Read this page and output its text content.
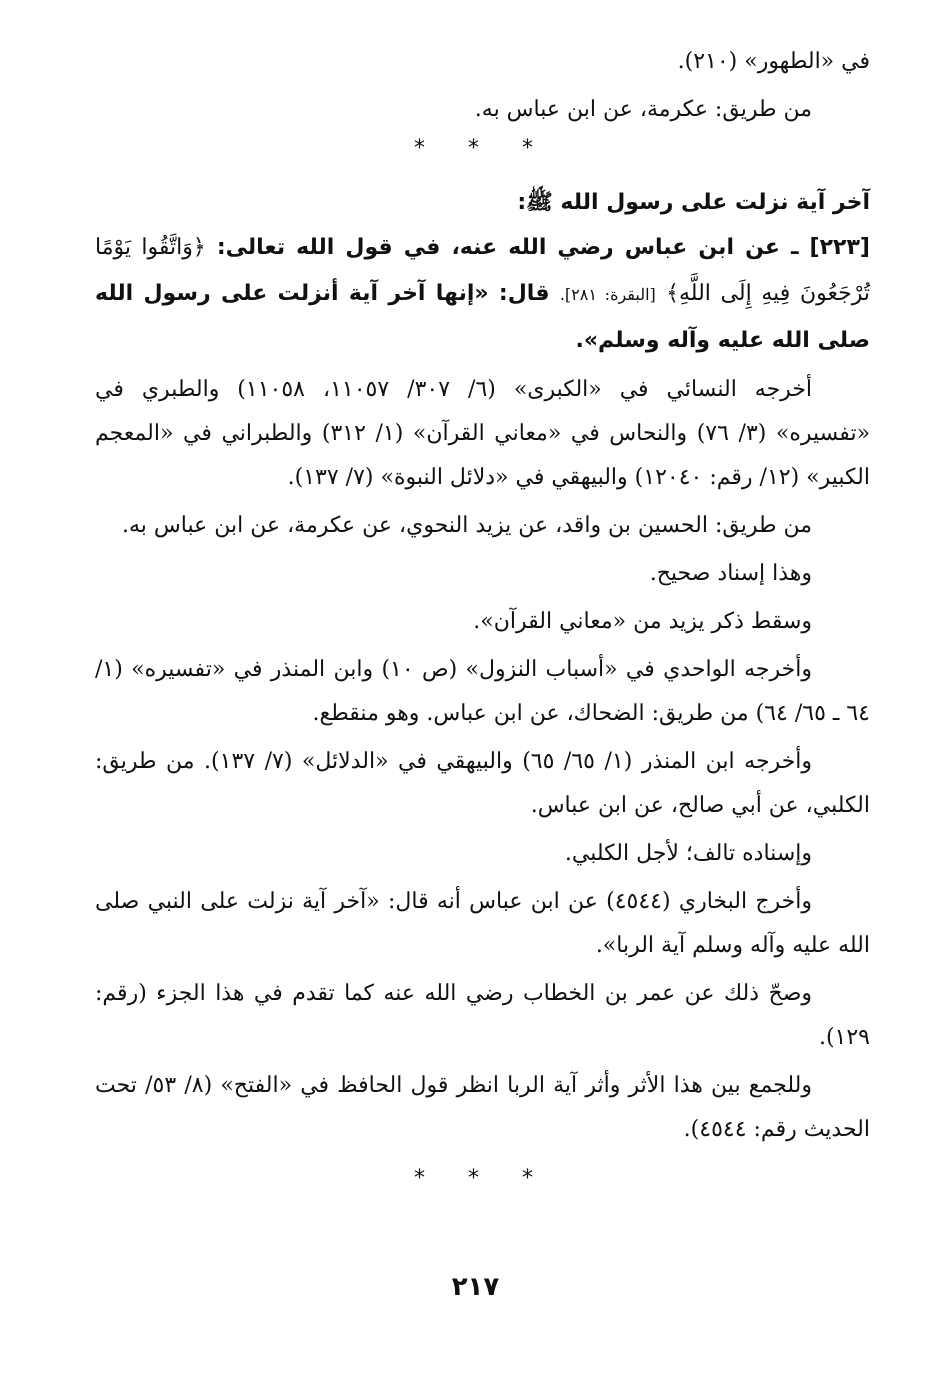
في «الطهور» (٢١٠).
من طريق: عكرمة، عن ابن عباس به.
* * *
آخر آية نزلت على رسول الله ﷺ:
[٢٢٣] ـ عن ابن عباس رضي الله عنه، في قول الله تعالى: ﴿وَاتَّقُوا يَوْمًا تُرْجَعُونَ فِيهِ إِلَى اللَّهِ﴾ [البقرة: ٢٨١]. قال: «إنها آخر آية أنزلت على رسول الله صلى الله عليه وآله وسلم».
أخرجه النسائي في «الكبرى» (٦/ ٣٠٧/ ١١٠٥٧، ١١٠٥٨) والطبري في «تفسيره» (٣/ ٧٦) والنحاس في «معاني القرآن» (١/ ٣١٢) والطبراني في «المعجم الكبير» (١٢/ رقم: ١٢٠٤٠) والبيهقي في «دلائل النبوة» (٧/ ١٣٧).
من طريق: الحسين بن واقد، عن يزيد النحوي، عن عكرمة، عن ابن عباس به.
وهذا إسناد صحيح.
وسقط ذكر يزيد من «معاني القرآن».
وأخرجه الواحدي في «أسباب النزول» (ص ١٠) وابن المنذر في «تفسيره» (١/ ٦٤ ـ ٦٥/ ٦٤) من طريق: الضحاك، عن ابن عباس. وهو منقطع.
وأخرجه ابن المنذر (١/ ٦٥/ ٦٥) والبيهقي في «الدلائل» (٧/ ١٣٧). من طريق: الكلبي، عن أبي صالح، عن ابن عباس.
وإسناده تالف؛ لأجل الكلبي.
وأخرج البخاري (٤٥٤٤) عن ابن عباس أنه قال: «آخر آية نزلت على النبي صلى الله عليه وآله وسلم آية الربا».
وصحّ ذلك عن عمر بن الخطاب رضي الله عنه كما تقدم في هذا الجزء (رقم: ١٢٩).
وللجمع بين هذا الأثر وأثر آية الربا انظر قول الحافظ في «الفتح» (٨/ ٥٣/ تحت الحديث رقم: ٤٥٤٤).
* * *
٢١٧
